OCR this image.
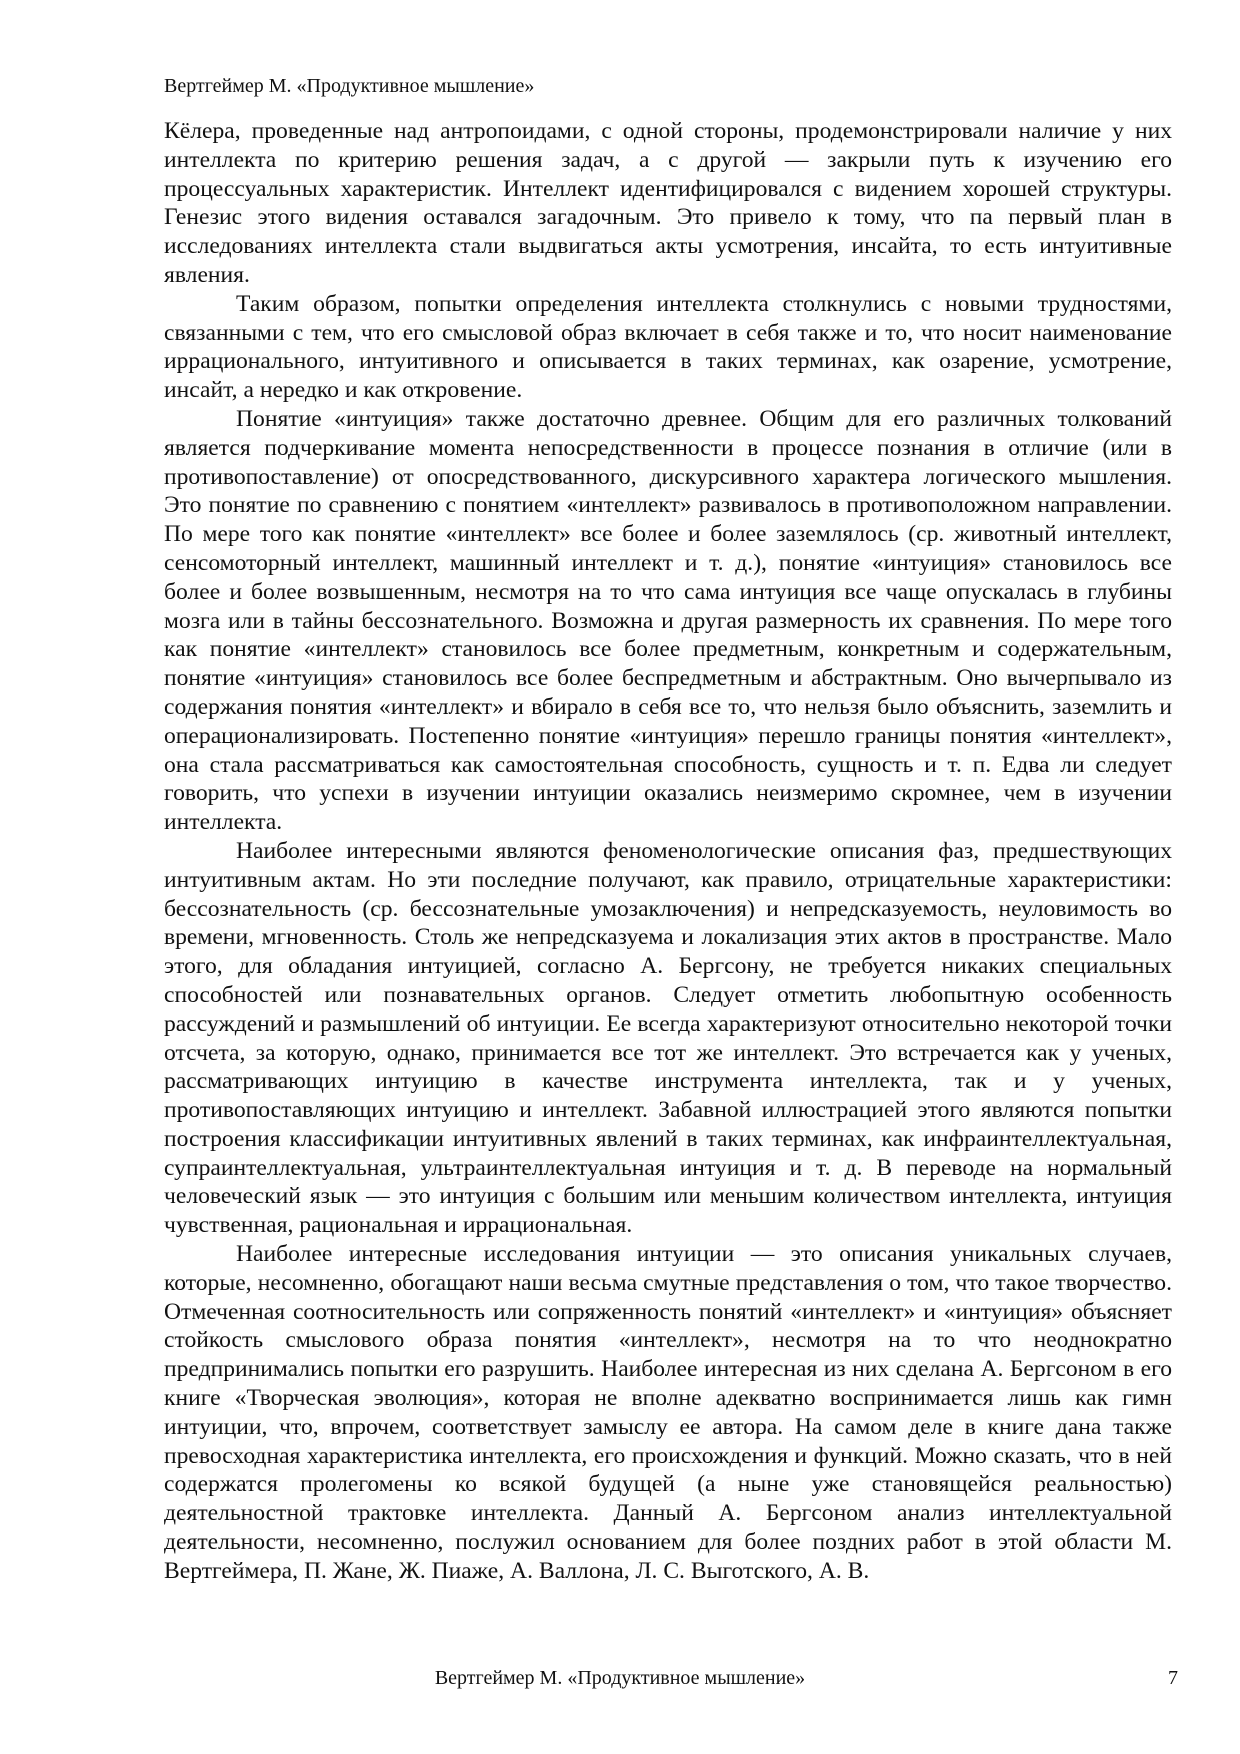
Вертгеймер М. «Продуктивное мышление»

Кёлера, проведенные над антропоидами, с одной стороны, продемонстрировали наличие у них интеллекта по критерию решения задач, а с другой — закрыли путь к изучению его процессуальных характеристик. Интеллект идентифицировался с видением хорошей структуры. Генезис этого видения оставался загадочным. Это привело к тому, что па первый план в исследованиях интеллекта стали выдвигаться акты усмотрения, инсайта, то есть интуитивные явления.

Таким образом, попытки определения интеллекта столкнулись с новыми трудностями, связанными с тем, что его смысловой образ включает в себя также и то, что носит наименование иррационального, интуитивного и описывается в таких терминах, как озарение, усмотрение, инсайт, а нередко и как откровение.

Понятие «интуиция» также достаточно древнее. Общим для его различных толкований является подчеркивание момента непосредственности в процессе познания в отличие (или в противопоставление) от опосредствованного, дискурсивного характера логического мышления. Это понятие по сравнению с понятием «интеллект» развивалось в противоположном направлении. По мере того как понятие «интеллект» все более и более заземлялось (ср. животный интеллект, сенсомоторный интеллект, машинный интеллект и т. д.), понятие «интуиция» становилось все более и более возвышенным, несмотря на то что сама интуиция все чаще опускалась в глубины мозга или в тайны бессознательного. Возможна и другая размерность их сравнения. По мере того как понятие «интеллект» становилось все более предметным, конкретным и содержательным, понятие «интуиция» становилось все более беспредметным и абстрактным. Оно вычерпывало из содержания понятия «интеллект» и вбирало в себя все то, что нельзя было объяснить, заземлить и операционализировать. Постепенно понятие «интуиция» перешло границы понятия «интеллект», она стала рассматриваться как самостоятельная способность, сущность и т. п. Едва ли следует говорить, что успехи в изучении интуиции оказались неизмеримо скромнее, чем в изучении интеллекта.

Наиболее интересными являются феноменологические описания фаз, предшествующих интуитивным актам. Но эти последние получают, как правило, отрицательные характеристики: бессознательность (ср. бессознательные умозаключения) и непредсказуемость, неуловимость во времени, мгновенность. Столь же непредсказуема и локализация этих актов в пространстве. Мало этого, для обладания интуицией, согласно А. Бергсону, не требуется никаких специальных способностей или познавательных органов. Следует отметить любопытную особенность рассуждений и размышлений об интуиции. Ее всегда характеризуют относительно некоторой точки отсчета, за которую, однако, принимается все тот же интеллект. Это встречается как у ученых, рассматривающих интуицию в качестве инструмента интеллекта, так и у ученых, противопоставляющих интуицию и интеллект. Забавной иллюстрацией этого являются попытки построения классификации интуитивных явлений в таких терминах, как инфраинтеллектуальная, супраинтеллектуальная, ультраинтеллектуальная интуиция и т. д. В переводе на нормальный человеческий язык — это интуиция с большим или меньшим количеством интеллекта, интуиция чувственная, рациональная и иррациональная.

Наиболее интересные исследования интуиции — это описания уникальных случаев, которые, несомненно, обогащают наши весьма смутные представления о том, что такое творчество. Отмеченная соотносительность или сопряженность понятий «интеллект» и «интуиция» объясняет стойкость смыслового образа понятия «интеллект», несмотря на то что неоднократно предпринимались попытки его разрушить. Наиболее интересная из них сделана А. Бергсоном в его книге «Творческая эволюция», которая не вполне адекватно воспринимается лишь как гимн интуиции, что, впрочем, соответствует замыслу ее автора. На самом деле в книге дана также превосходная характеристика интеллекта, его происхождения и функций. Можно сказать, что в ней содержатся пролегомены ко всякой будущей (а ныне уже становящейся реальностью) деятельностной трактовке интеллекта. Данный А. Бергсоном анализ интеллектуальной деятельности, несомненно, послужил основанием для более поздних работ в этой области М. Вертгеймера, П. Жане, Ж. Пиаже, А. Валлона, Л. С. Выготского, А. В.

Вертгеймер М. «Продуктивное мышление»	7
